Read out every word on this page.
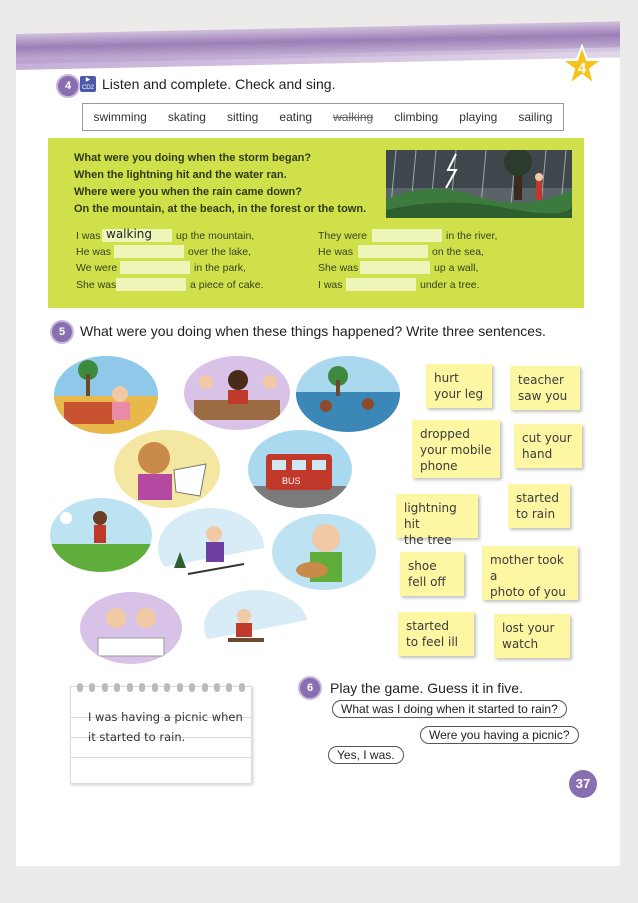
4
4	▶
CD2 Listen and complete. Check and sing.
swimming skating sitting eating walking climbing playing sailing
What were you doing when the storm began?
When the lightning hit and the water ran.
Where were you when the rain came down?
On the mountain, at the beach, in the forest or the town.
I was walking up the mountain,
He was	over the lake,
We were	in the park,
She was	a piece of cake.
They were	in the river,
He was	on the sea,
She was	up a wall,
I was	under a tree.
5	What were you doing when these things happened? Write three sentences.
BUS
hurt
your leg
teacher
saw you
dropped
your mobile
phone
cut your
hand
lightning hit
the tree
started
to rain
shoe
fell off
mother took a
photo of you
started
to feel ill
lost your
watch
I was having a picnic when
it started to rain.
6	Play the game. Guess it in five.
What was I doing when it started to rain?
Were you having a picnic?
Yes, I was.
37
